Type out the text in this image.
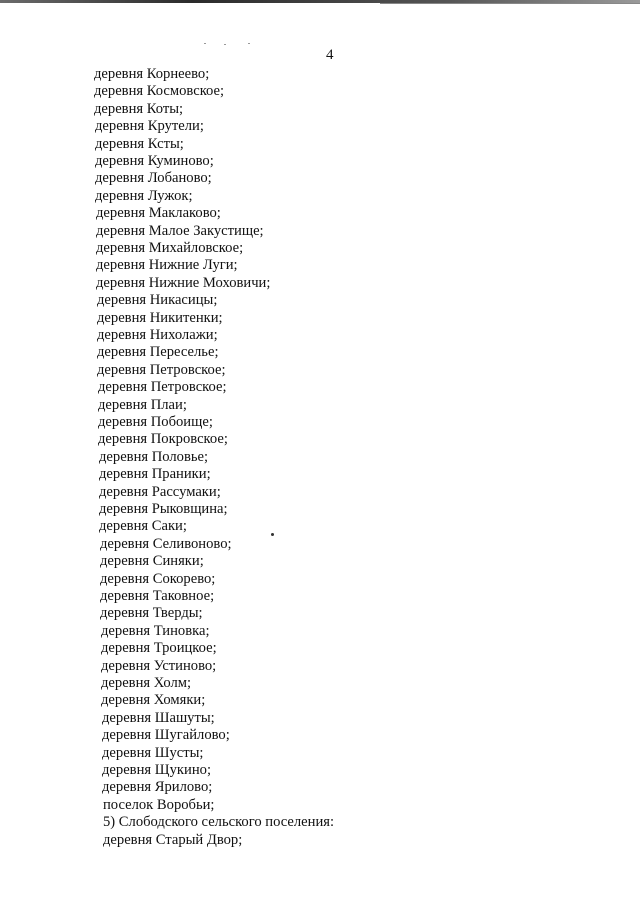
4
деревня Корнеево;
деревня Космовское;
деревня Коты;
деревня Крутели;
деревня Ксты;
деревня Куминово;
деревня Лобаново;
деревня Лужок;
деревня Маклаково;
деревня Малое Закустище;
деревня Михайловское;
деревня Нижние Луги;
деревня Нижние Моховичи;
деревня Никасицы;
деревня Никитенки;
деревня Нихолажи;
деревня Переселье;
деревня Петровское;
деревня Петровское;
деревня Плаи;
деревня Побоище;
деревня Покровское;
деревня Половье;
деревня Праники;
деревня Рассумаки;
деревня Рыковщина;
деревня Саки;
деревня Селивоново;
деревня Синяки;
деревня Сокорево;
деревня Таковное;
деревня Тверды;
деревня Тиновка;
деревня Троицкое;
деревня Устиново;
деревня Холм;
деревня Хомяки;
деревня Шашуты;
деревня Шугайлово;
деревня Шусты;
деревня Щукино;
деревня Ярилово;
поселок Воробьи;
5) Слободского сельского поселения:
деревня Старый Двор;
